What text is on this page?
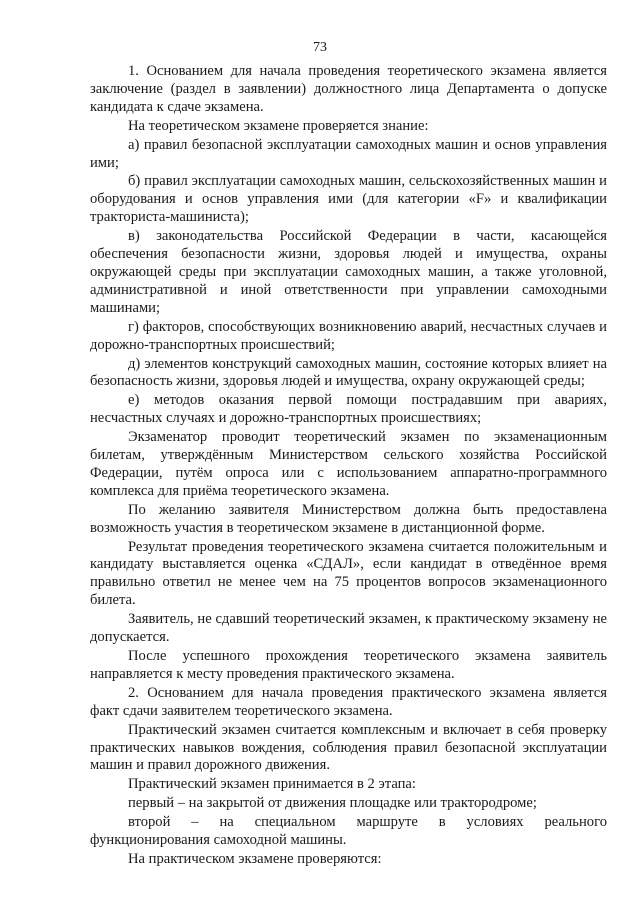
73

1. Основанием для начала проведения теоретического экзамена является заключение (раздел в заявлении) должностного лица Департамента о допуске кандидата к сдаче экзамена.

На теоретическом экзамене проверяется знание:

а) правил безопасной эксплуатации самоходных машин и основ управления ими;

б) правил эксплуатации самоходных машин, сельскохозяйственных машин и оборудования и основ управления ими (для категории «F» и квалификации тракториста-машиниста);

в) законодательства Российской Федерации в части, касающейся обеспечения безопасности жизни, здоровья людей и имущества, охраны окружающей среды при эксплуатации самоходных машин, а также уголовной, административной и иной ответственности при управлении самоходными машинами;

г) факторов, способствующих возникновению аварий, несчастных случаев и дорожно-транспортных происшествий;

д) элементов конструкций самоходных машин, состояние которых влияет на безопасность жизни, здоровья людей и имущества, охрану окружающей среды;

е) методов оказания первой помощи пострадавшим при авариях, несчастных случаях и дорожно-транспортных происшествиях;

Экзаменатор проводит теоретический экзамен по экзаменационным билетам, утверждённым Министерством сельского хозяйства Российской Федерации, путём опроса или с использованием аппаратно-программного комплекса для приёма теоретического экзамена.

По желанию заявителя Министерством должна быть предоставлена возможность участия в теоретическом экзамене в дистанционной форме.

Результат проведения теоретического экзамена считается положительным и кандидату выставляется оценка «СДАЛ», если кандидат в отведённое время правильно ответил не менее чем на 75 процентов вопросов экзаменационного билета.

Заявитель, не сдавший теоретический экзамен, к практическому экзамену не допускается.

После успешного прохождения теоретического экзамена заявитель направляется к месту проведения практического экзамена.

2. Основанием для начала проведения практического экзамена является факт сдачи заявителем теоретического экзамена.

Практический экзамен считается комплексным и включает в себя проверку практических навыков вождения, соблюдения правил безопасной эксплуатации машин и правил дорожного движения.

Практический экзамен принимается в 2 этапа:

первый – на закрытой от движения площадке или трактородроме;

второй – на специальном маршруте в условиях реального функционирования самоходной машины.

На практическом экзамене проверяются:
